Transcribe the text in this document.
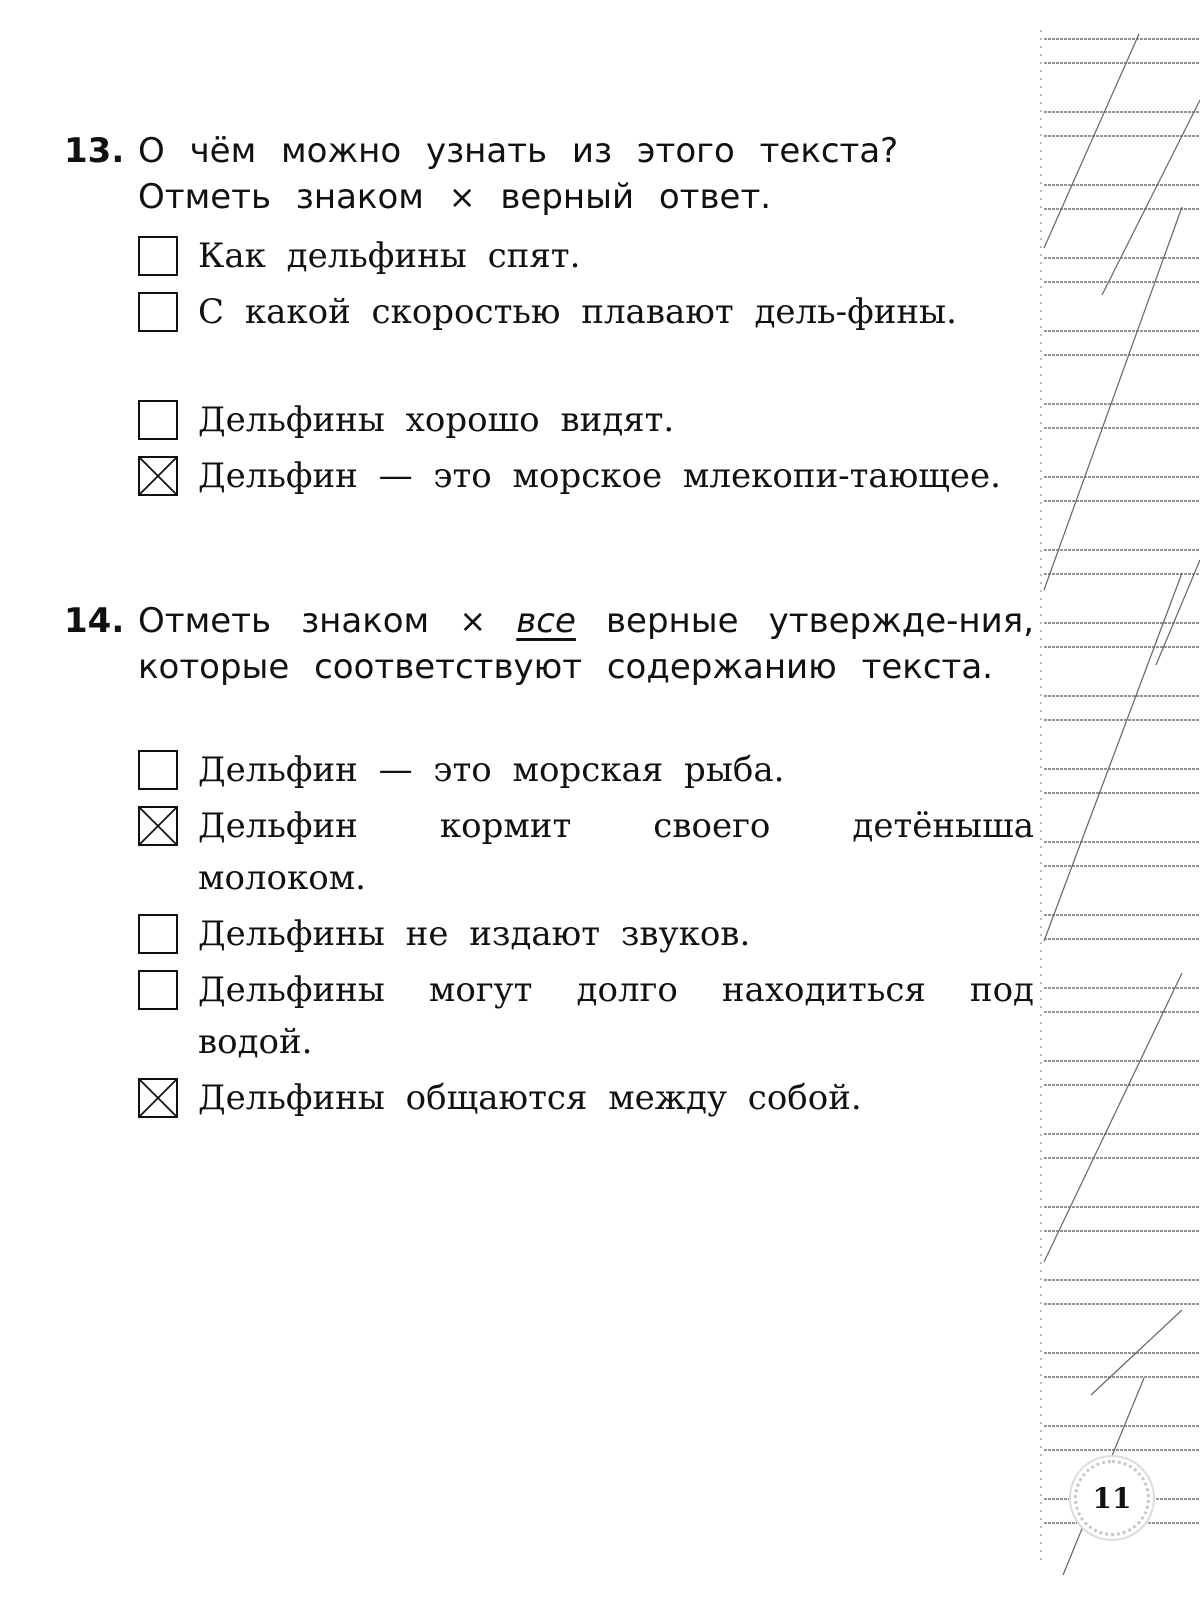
13. О чём можно узнать из этого текста?
Отметь знаком × верный ответ.
Как дельфины спят.
С какой скоростью плавают дель-фины.
Дельфины хорошо видят.
Дельфин — это морское млекопи-тающее.
14. Отметь знаком × все верные утвержде-ния, которые соответствуют содержанию текста.
Дельфин — это морская рыба.
Дельфин кормит своего детёныша молоком.
Дельфины не издают звуков.
Дельфины могут долго находиться под водой.
Дельфины общаются между собой.
11
